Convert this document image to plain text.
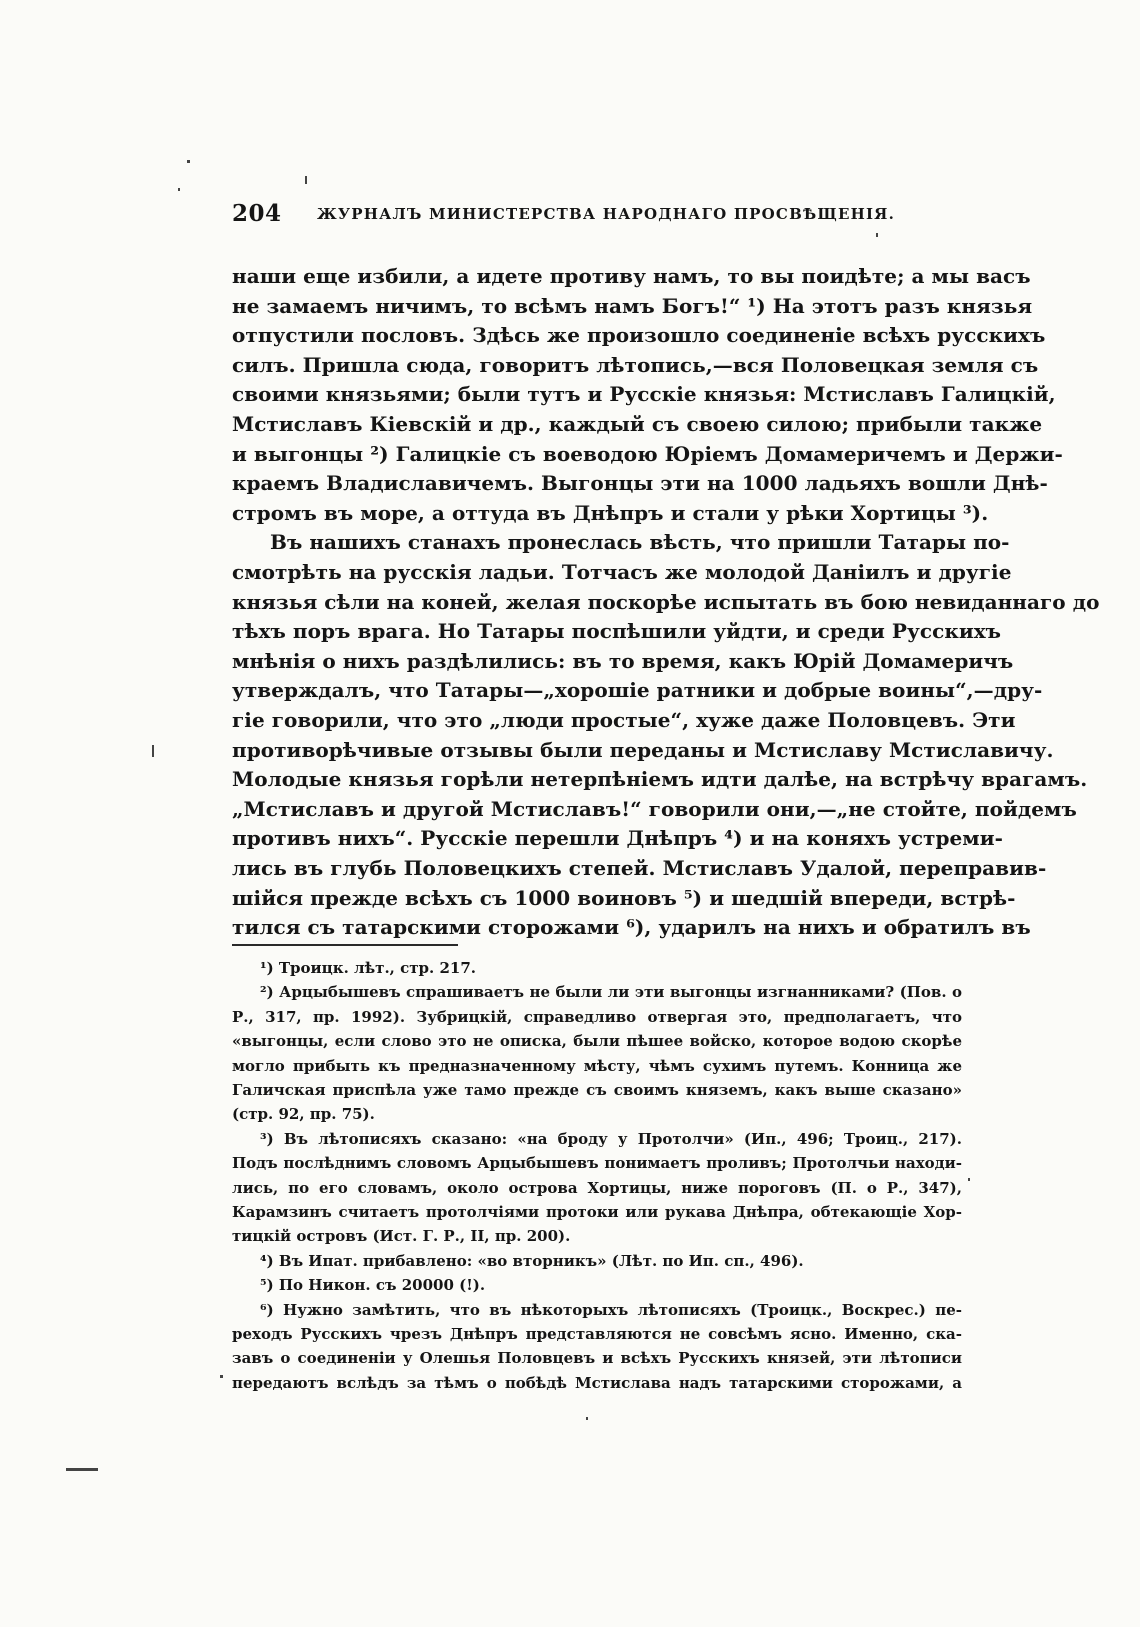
204 ЖУРНАЛЪ МИНИСТЕРСТВА НАРОДНАГО ПРОСВѢЩЕНІЯ.
наши еще избили, а идете противу намъ, то вы поидѣте; а мы васъ
не замаемъ ничимъ, то всѣмъ намъ Богъ!“ ¹) На этотъ разъ князья
отпустили пословъ. Здѣсь же произошло соединеніе всѣхъ русскихъ
силъ. Пришла сюда, говоритъ лѣтопись,—вся Половецкая земля съ
своими князьями; были тутъ и Русскіе князья: Мстиславъ Галицкій,
Мстиславъ Кіевскій и др., каждый съ своею силою; прибыли также
и выгонцы ²) Галицкіе съ воеводою Юріемъ Домамеричемъ и Держи-
краемъ Владиславичемъ. Выгонцы эти на 1000 ладьяхъ вошли Днѣ-
стромъ въ море, а оттуда въ Днѣпръ и стали у рѣки Хортицы ³).
Въ нашихъ станахъ пронеслась вѣсть, что пришли Татары по-
смотрѣть на русскія ладьи. Тотчасъ же молодой Даніилъ и другіе
князья сѣли на коней, желая поскорѣе испытать въ бою невиданнаго до
тѣхъ поръ врага. Но Татары поспѣшили уйдти, и среди Русскихъ
мнѣнія о нихъ раздѣлились: въ то время, какъ Юрій Домамеричъ
утверждалъ, что Татары—„хорошіе ратники и добрые воины“,—дру-
гіе говорили, что это „люди простые“, хуже даже Половцевъ. Эти
противорѣчивые отзывы были переданы и Мстиславу Мстиславичу.
Молодые князья горѣли нетерпѣніемъ идти далѣе, на встрѣчу врагамъ.
„Мстиславъ и другой Мстиславъ!“ говорили они,—„не стойте, пойдемъ
противъ нихъ“. Русскіе перешли Днѣпръ ⁴) и на коняхъ устреми-
лись въ глубь Половецкихъ степей. Мстиславъ Удалой, переправив-
шійся прежде всѣхъ съ 1000 воиновъ ⁵) и шедшій впереди, встрѣ-
тился съ татарскими сторожами ⁶), ударилъ на нихъ и обратилъ въ
¹) Троицк. лѣт., стр. 217.
²) Арцыбышевъ спрашиваетъ не были ли эти выгонцы изгнанниками? (Пов. о
Р., 317, пр. 1992). Зубрицкій, справедливо отвергая это, предполагаетъ, что
«выгонцы, если слово это не описка, были пѣшее войско, которое водою скорѣе
могло прибыть къ предназначенному мѣсту, чѣмъ сухимъ путемъ. Конница же
Галичская приспѣла уже тамо прежде съ своимъ княземъ, какъ выше сказано»
(стр. 92, пр. 75).
³) Въ лѣтописяхъ сказано: «на броду у Протолчи» (Ип., 496; Троиц., 217).
Подъ послѣднимъ словомъ Арцыбышевъ понимаетъ проливъ; Протолчьи находи-
лись, по его словамъ, около острова Хортицы, ниже пороговъ (П. о Р., 347),
Карамзинъ считаетъ протолчіями протоки или рукава Днѣпра, обтекающіе Хор-
тицкій островъ (Ист. Г. Р., II, пр. 200).
⁴) Въ Ипат. прибавлено: «во вторникъ» (Лѣт. по Ип. сп., 496).
⁵) По Никон. съ 20000 (!).
⁶) Нужно замѣтить, что въ нѣкоторыхъ лѣтописяхъ (Троицк., Воскрес.) пе-
реходъ Русскихъ чрезъ Днѣпръ представляются не совсѣмъ ясно. Именно, ска-
завъ о соединеніи у Олешья Половцевъ и всѣхъ Русскихъ князей, эти лѣтописи
передаютъ вслѣдъ за тѣмъ о побѣдѣ Мстислава надъ татарскими сторожами, а
